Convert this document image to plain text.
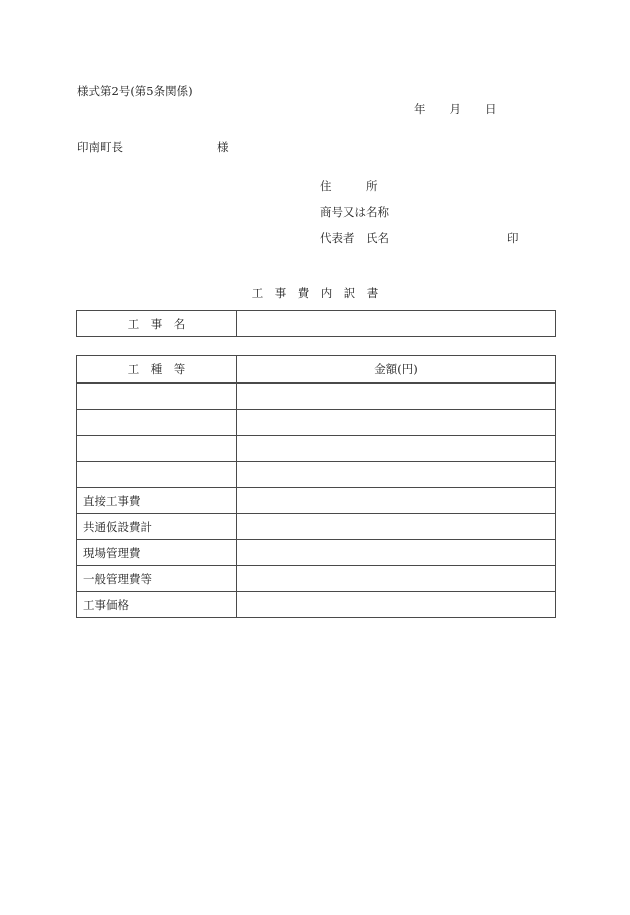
様式第2号(第5条関係)
年 月 日
印南町長	様
住　　　所
商号又は名称
代表者　氏名	印
工　事　費　内　訳　書
工　事　名	
工　種　等	金額(円)

直接工事費	
共通仮設費計	
現場管理費	
一般管理費等	
工事価格	
